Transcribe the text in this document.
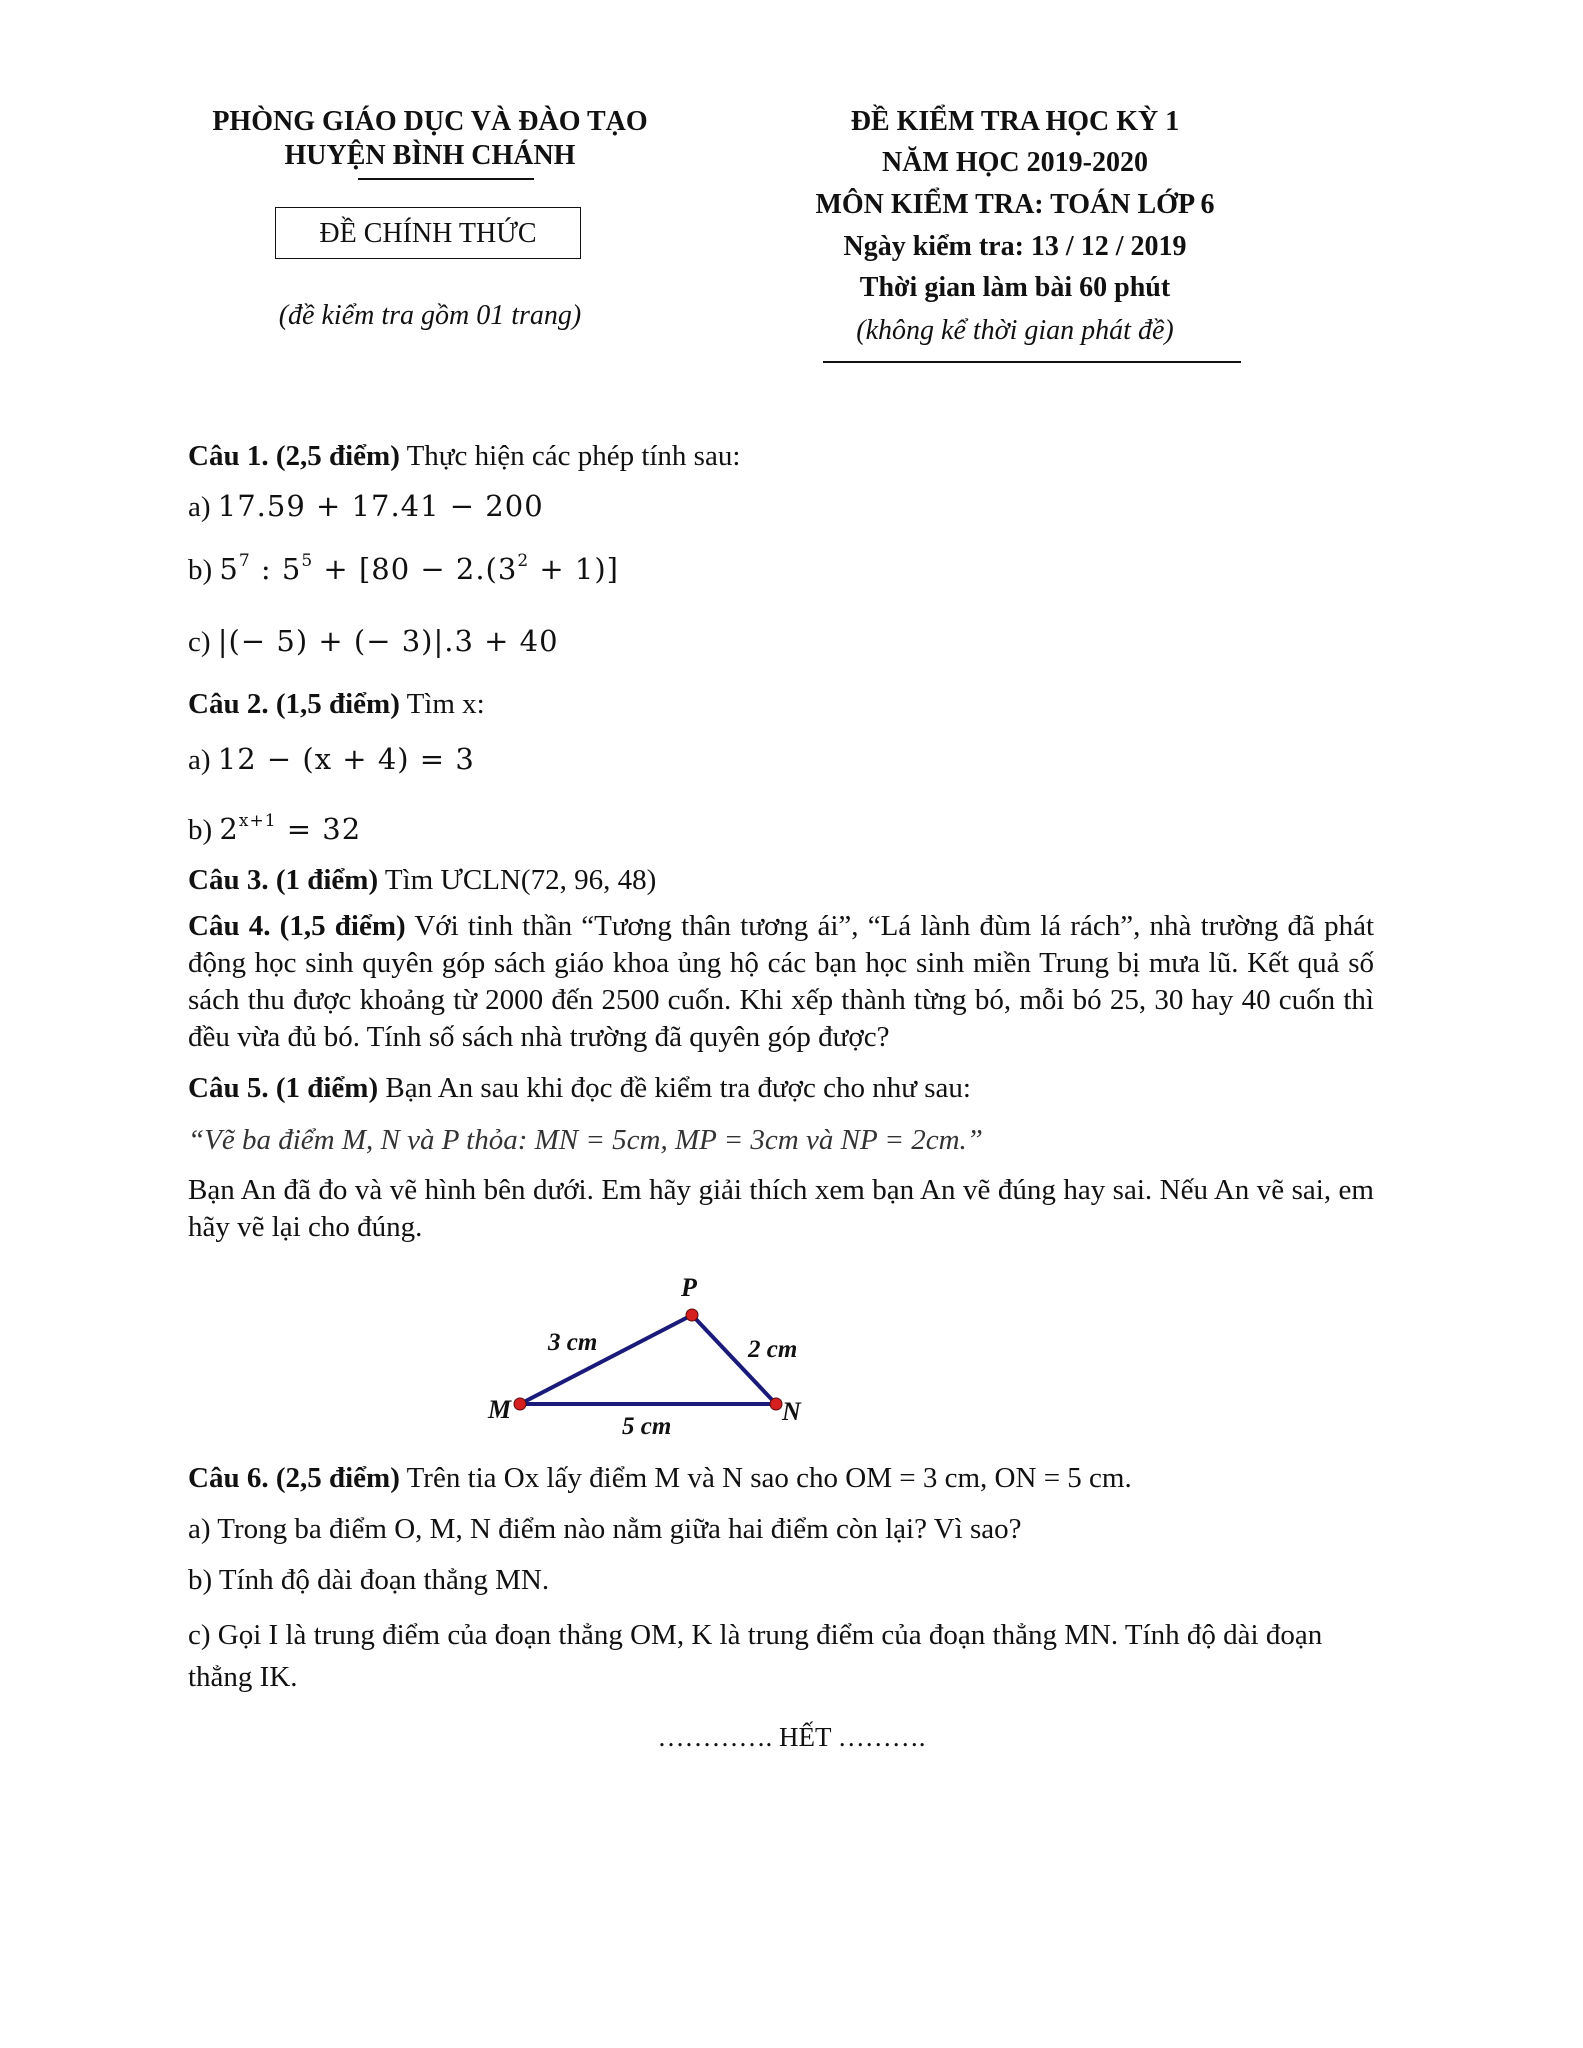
PHÒNG GIÁO DỤC VÀ ĐÀO TẠO
HUYỆN BÌNH CHÁNH
ĐỀ CHÍNH THỨC
(đề kiểm tra gồm 01 trang)
ĐỀ KIỂM TRA HỌC KỲ 1
NĂM HỌC 2019-2020
MÔN KIỂM TRA: TOÁN LỚP 6
Ngày kiểm tra: 13 / 12 / 2019
Thời gian làm bài 60 phút
(không kể thời gian phát đề)
Câu 1. (2,5 điểm) Thực hiện các phép tính sau:
a) 17.59 + 17.41 − 200
b) $5^7$ : $5^5 + [80 - 2.(3^2 + 1)]$
c) |(− 5) + (− 3)|.3 + 40
Câu 2. (1,5 điểm) Tìm x:
a) 12 − (x + 4) = 3
b) $2^{x+1} = 32$
Câu 3. (1 điểm) Tìm ƯCLN(72, 96, 48)
Câu 4. (1,5 điểm) Với tinh thần “Tương thân tương ái”, “Lá lành đùm lá rách”, nhà trường đã phát động học sinh quyên góp sách giáo khoa ủng hộ các bạn học sinh miền Trung bị mưa lũ. Kết quả số sách thu được khoảng từ 2000 đến 2500 cuốn. Khi xếp thành từng bó, mỗi bó 25, 30 hay 40 cuốn thì đều vừa đủ bó. Tính số sách nhà trường đã quyên góp được?
Câu 5. (1 điểm) Bạn An sau khi đọc đề kiểm tra được cho như sau:
“Vẽ ba điểm M, N và P thỏa: MN = 5cm, MP = 3cm và NP = 2cm.”
Bạn An đã đo và vẽ hình bên dưới. Em hãy giải thích xem bạn An vẽ đúng hay sai. Nếu An vẽ sai, em hãy vẽ lại cho đúng.
P
M	N
3 cm	2 cm
5 cm
Câu 6. (2,5 điểm) Trên tia Ox lấy điểm M và N sao cho OM = 3 cm, ON = 5 cm.
a) Trong ba điểm O, M, N điểm nào nằm giữa hai điểm còn lại? Vì sao?
b) Tính độ dài đoạn thẳng MN.
c) Gọi I là trung điểm của đoạn thẳng OM, K là trung điểm của đoạn thẳng MN. Tính độ dài đoạn thẳng IK.
…………. HẾT ……….
